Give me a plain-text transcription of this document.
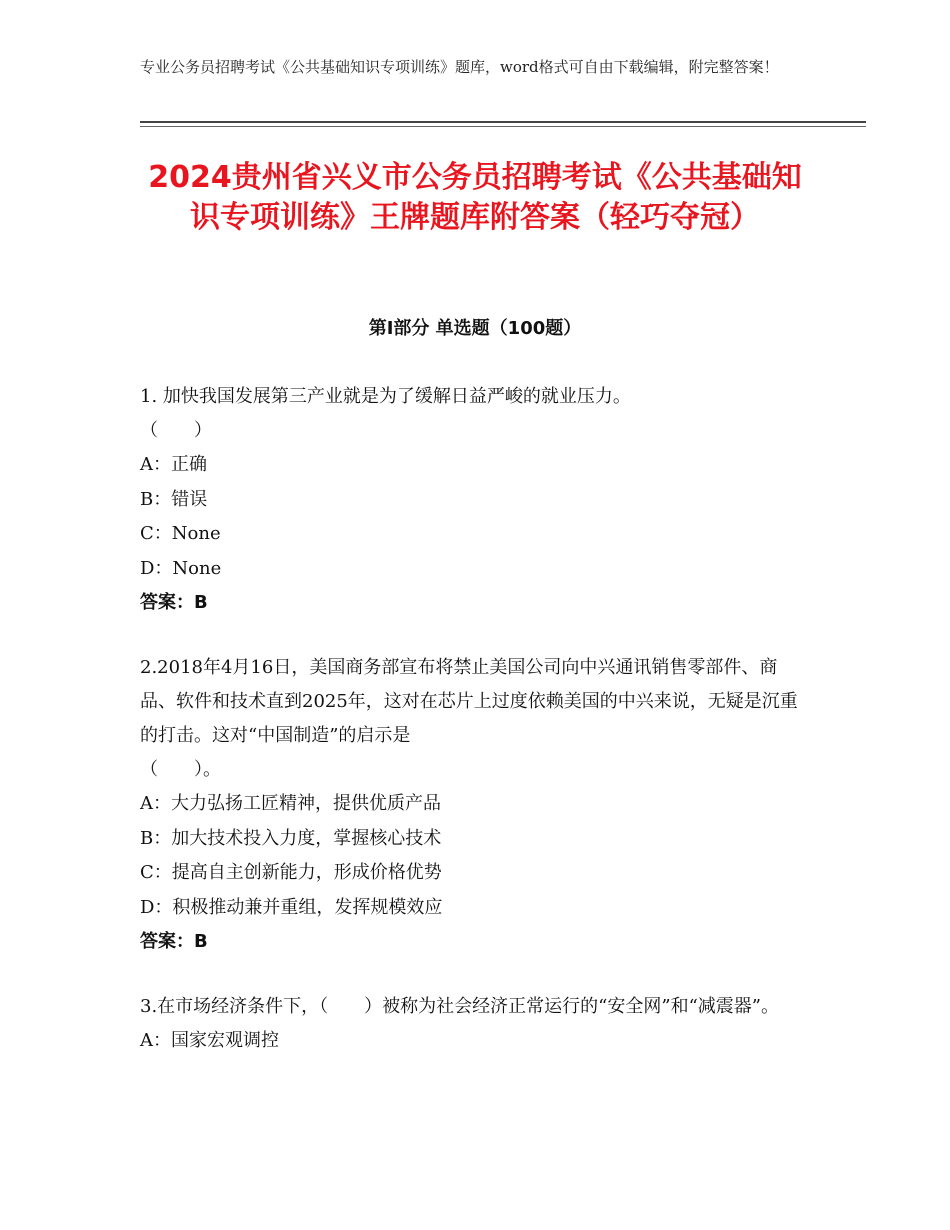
专业公务员招聘考试《公共基础知识专项训练》题库，word格式可自由下载编辑，附完整答案！
2024贵州省兴义市公务员招聘考试《公共基础知识专项训练》王牌题库附答案（轻巧夺冠）
第Ⅰ部分 单选题（100题）
1. 加快我国发展第三产业就是为了缓解日益严峻的就业压力。
（　　）
A：正确
B：错误
C：None
D：None
答案：B
2.2018年4月16日，美国商务部宣布将禁止美国公司向中兴通讯销售零部件、商品、软件和技术直到2025年，这对在芯片上过度依赖美国的中兴来说，无疑是沉重的打击。这对“中国制造”的启示是
（　　）。
A：大力弘扬工匠精神，提供优质产品
B：加大技术投入力度，掌握核心技术
C：提高自主创新能力，形成价格优势
D：积极推动兼并重组，发挥规模效应
答案：B
3.在市场经济条件下，（　　）被称为社会经济正常运行的“安全网”和“减震器”。
A：国家宏观调控
